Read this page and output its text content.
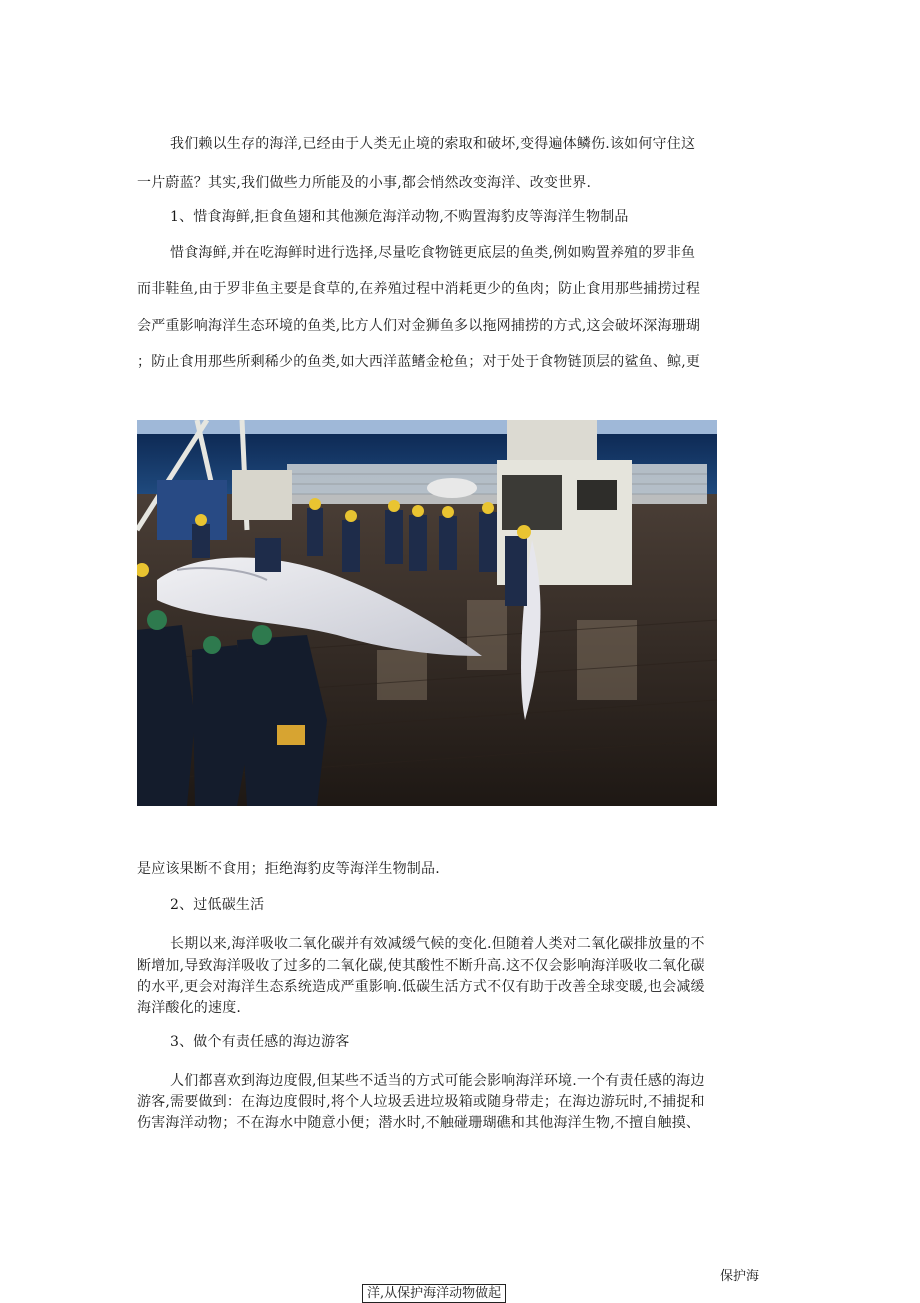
我们赖以生存的海洋,已经由于人类无止境的索取和破坏,变得遍体鳞伤.该如何守住这
一片蔚蓝？其实,我们做些力所能及的小事,都会悄然改变海洋、改变世界.
1、惜食海鲜,拒食鱼翅和其他濒危海洋动物,不购置海豹皮等海洋生物制品
惜食海鲜,并在吃海鲜时进行选择,尽量吃食物链更底层的鱼类,例如购置养殖的罗非鱼
而非鞋鱼,由于罗非鱼主要是食草的,在养殖过程中消耗更少的鱼肉；防止食用那些捕捞过程
会严重影响海洋生态环境的鱼类,比方人们对金狮鱼多以拖网捕捞的方式,这会破坏深海珊瑚
；防止食用那些所剩稀少的鱼类,如大西洋蓝鳍金枪鱼；对于处于食物链顶层的鲨鱼、鲸,更
是应该果断不食用；拒绝海豹皮等海洋生物制品.
2、过低碳生活
长期以来,海洋吸收二氧化碳并有效减缓气候的变化.但随着人类对二氧化碳排放量的不
断增加,导致海洋吸收了过多的二氧化碳,使其酸性不断升高.这不仅会影响海洋吸收二氧化碳
的水平,更会对海洋生态系统造成严重影响.低碳生活方式不仅有助于改善全球变暖,也会减缓
海洋酸化的速度.
3、做个有责任感的海边游客
人们都喜欢到海边度假,但某些不适当的方式可能会影响海洋环境.一个有责任感的海边
游客,需要做到：在海边度假时,将个人垃圾丢进垃圾箱或随身带走；在海边游玩时,不捕捉和
伤害海洋动物；不在海水中随意小便；潜水时,不触碰珊瑚礁和其他海洋生物,不擅自触摸、
保护海
洋,从保护海洋动物做起
